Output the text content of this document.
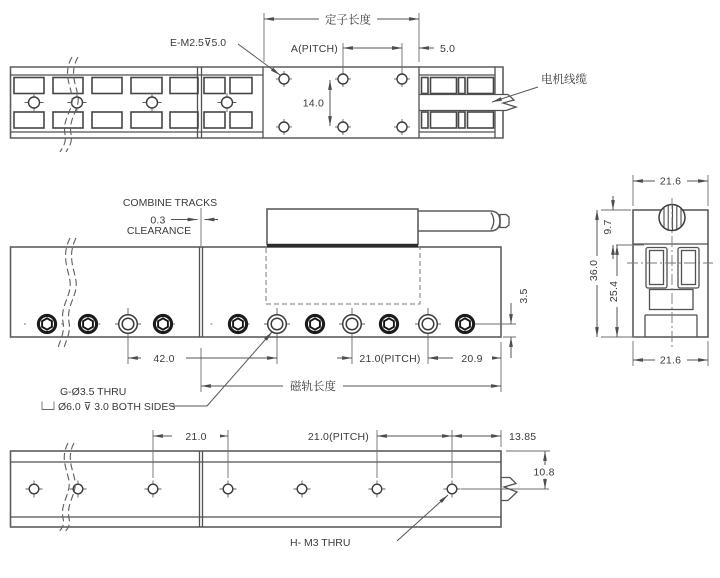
定子长度
A(PITCH)	5.0
E-M2.5⊽5.0
14.0
电机线缆
COMBINE TRACKS
0.3
CLEARANCE
42.0	21.0(PITCH)	20.9
磁轨长度
3.5
G-Ø3.5 THRU
Ø6.0 ⊽ 3.0 BOTH SIDES
21.6
9.7
36.0
25.4
21.6
21.0	21.0(PITCH)	13.85
10.8
H- M3 THRU
